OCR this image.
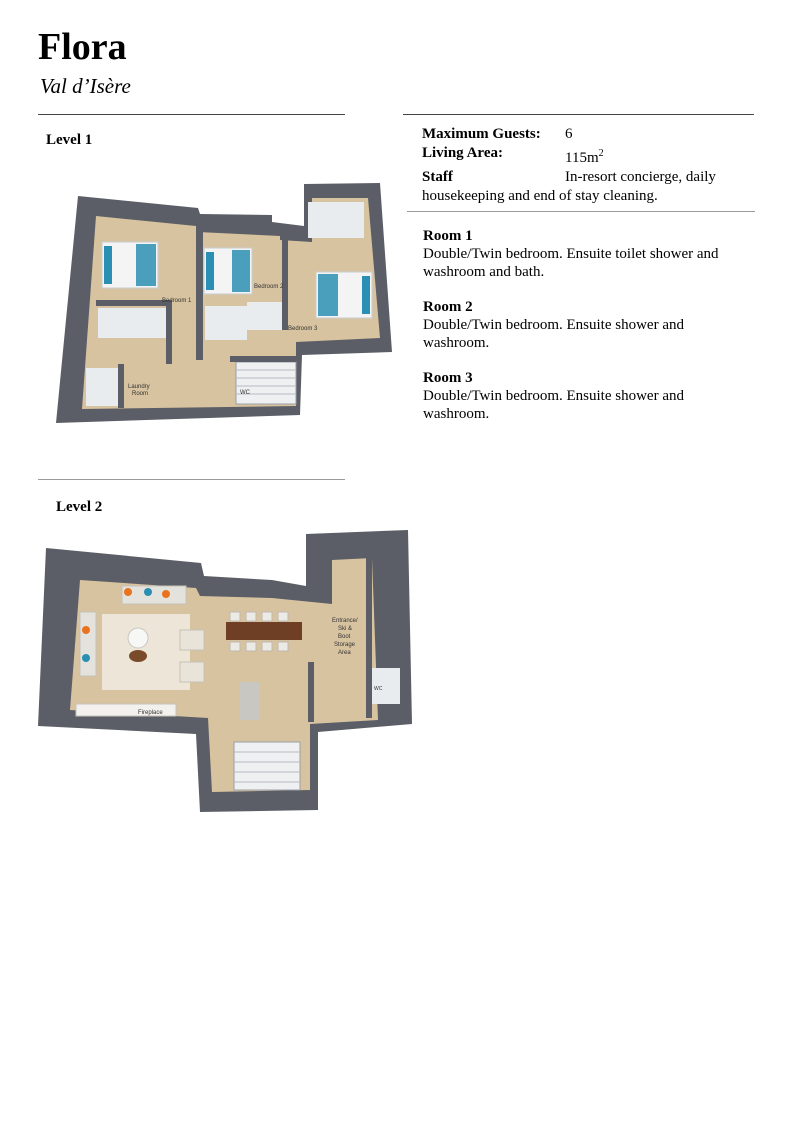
Flora
Val d’Isère
Level 1
Level 2
Maximum Guests:	6
Living Area:	$115m^2$
Staff	In-resort concierge, daily
housekeeping and end of stay cleaning.
Room 1
Double/Twin bedroom. Ensuite toilet shower and washroom and bath.
Room 2
Double/Twin bedroom. Ensuite shower and washroom.
Room 3
Double/Twin bedroom. Ensuite shower and washroom.
Bedroom 1
Bedroom 2
Bedroom 3
Laundry
Room	WC
Entrance/
Ski &
Boot
Storage
Area
Fireplace
WC
